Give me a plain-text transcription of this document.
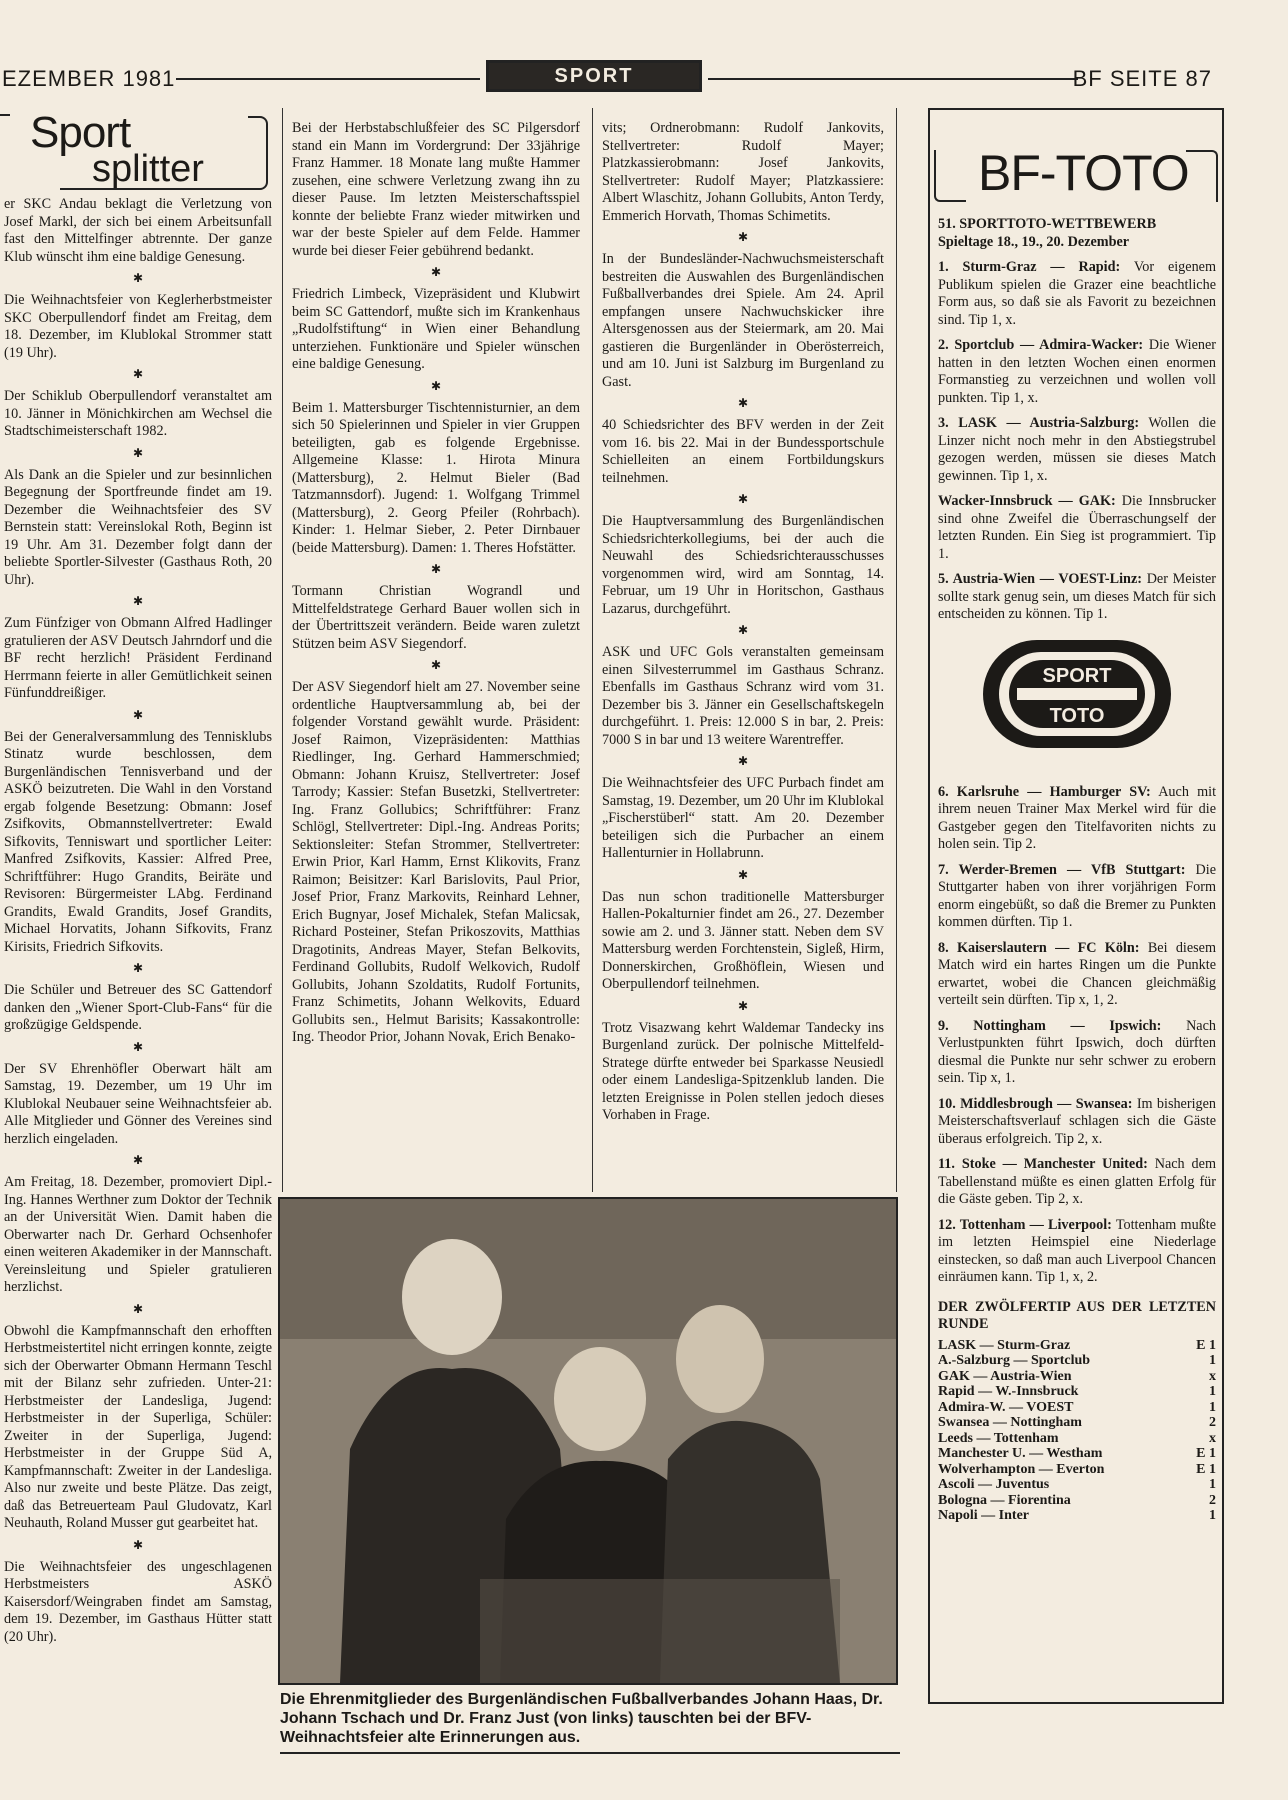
EZEMBER 1981	SPORT	BF SEITE 87
Sport
splitter

er SKC Andau beklagt die Verletzung von Josef Markl, der sich bei einem Arbeitsunfall fast den Mittelfinger abtrennte. Der ganze Klub wünscht ihm eine baldige Genesung.

✱

Die Weihnachtsfeier von Keglerherbstmeister SKC Oberpullendorf findet am Freitag, dem 18. Dezember, im Klublokal Strommer statt (19 Uhr).

✱

Der Schiklub Oberpullendorf veranstaltet am 10. Jänner in Mönichkirchen am Wechsel die Stadtschimeisterschaft 1982.

✱

Als Dank an die Spieler und zur besinnlichen Begegnung der Sportfreunde findet am 19. Dezember die Weihnachtsfeier des SV Bernstein statt: Vereinslokal Roth, Beginn ist 19 Uhr. Am 31. Dezember folgt dann der beliebte Sportler-Silvester (Gasthaus Roth, 20 Uhr).

✱

Zum Fünfziger von Obmann Alfred Hadlinger gratulieren der ASV Deutsch Jahrndorf und die BF recht herzlich! Präsident Ferdinand Herrmann feierte in aller Gemütlichkeit seinen Fünfunddreißiger.

✱

Bei der Generalversammlung des Tennisklubs Stinatz wurde beschlossen, dem Burgenländischen Tennisverband und der ASKÖ beizutreten. Die Wahl in den Vorstand ergab folgende Besetzung: Obmann: Josef Zsifkovits, Obmannstellvertreter: Ewald Sifkovits, Tenniswart und sportlicher Leiter: Manfred Zsifkovits, Kassier: Alfred Pree, Schriftführer: Hugo Grandits, Beiräte und Revisoren: Bürgermeister LAbg. Ferdinand Grandits, Ewald Grandits, Josef Grandits, Michael Horvatits, Johann Sifkovits, Franz Kirisits, Friedrich Sifkovits.

✱

Die Schüler und Betreuer des SC Gattendorf danken den „Wiener Sport-Club-Fans“ für die großzügige Geldspende.

✱

Der SV Ehrenhöfler Oberwart hält am Samstag, 19. Dezember, um 19 Uhr im Klublokal Neubauer seine Weihnachtsfeier ab. Alle Mitglieder und Gönner des Vereines sind herzlich eingeladen.

✱

Am Freitag, 18. Dezember, promoviert Dipl.-Ing. Hannes Werthner zum Doktor der Technik an der Universität Wien. Damit haben die Oberwarter nach Dr. Gerhard Ochsenhofer einen weiteren Akademiker in der Mannschaft. Vereinsleitung und Spieler gratulieren herzlichst.

✱

Obwohl die Kampfmannschaft den erhofften Herbstmeistertitel nicht erringen konnte, zeigte sich der Oberwarter Obmann Hermann Teschl mit der Bilanz sehr zufrieden. Unter-21: Herbstmeister der Landesliga, Jugend: Herbstmeister in der Superliga, Schüler: Zweiter in der Superliga, Jugend: Herbstmeister in der Gruppe Süd A, Kampfmannschaft: Zweiter in der Landesliga. Also nur zweite und beste Plätze. Das zeigt, daß das Betreuerteam Paul Gludovatz, Karl Neuhauth, Roland Musser gut gearbeitet hat.

✱

Die Weihnachtsfeier des ungeschlagenen Herbstmeisters ASKÖ Kaisersdorf/Weingraben findet am Samstag, dem 19. Dezember, im Gasthaus Hütter statt (20 Uhr).

Bei der Herbstabschlußfeier des SC Pilgersdorf stand ein Mann im Vordergrund: Der 33jährige Franz Hammer. 18 Monate lang mußte Hammer zusehen, eine schwere Verletzung zwang ihn zu dieser Pause. Im letzten Meisterschaftsspiel konnte der beliebte Franz wieder mitwirken und war der beste Spieler auf dem Felde. Hammer wurde bei dieser Feier gebührend bedankt.

✱

Friedrich Limbeck, Vizepräsident und Klubwirt beim SC Gattendorf, mußte sich im Krankenhaus „Rudolfstiftung“ in Wien einer Behandlung unterziehen. Funktionäre und Spieler wünschen eine baldige Genesung.

✱

Beim 1. Mattersburger Tischtennisturnier, an dem sich 50 Spielerinnen und Spieler in vier Gruppen beteiligten, gab es folgende Ergebnisse. Allgemeine Klasse: 1. Hirota Minura (Mattersburg), 2. Helmut Bieler (Bad Tatzmannsdorf). Jugend: 1. Wolfgang Trimmel (Mattersburg), 2. Georg Pfeiler (Rohrbach). Kinder: 1. Helmar Sieber, 2. Peter Dirnbauer (beide Mattersburg). Damen: 1. Theres Hofstätter.

✱

Tormann Christian Wograndl und Mittelfeldstratege Gerhard Bauer wollen sich in der Übertrittszeit verändern. Beide waren zuletzt Stützen beim ASV Siegendorf.

✱

Der ASV Siegendorf hielt am 27. November seine ordentliche Hauptversammlung ab, bei der folgender Vorstand gewählt wurde. Präsident: Josef Raimon, Vizepräsidenten: Matthias Riedlinger, Ing. Gerhard Hammerschmied; Obmann: Johann Kruisz, Stellvertreter: Josef Tarrody; Kassier: Stefan Busetzki, Stellvertreter: Ing. Franz Gollubics; Schriftführer: Franz Schlögl, Stellvertreter: Dipl.-Ing. Andreas Porits; Sektionsleiter: Stefan Strommer, Stellvertreter: Erwin Prior, Karl Hamm, Ernst Klikovits, Franz Raimon; Beisitzer: Karl Barislovits, Paul Prior, Josef Prior, Franz Markovits, Reinhard Lehner, Erich Bugnyar, Josef Michalek, Stefan Malicsak, Richard Posteiner, Stefan Prikoszovits, Matthias Dragotinits, Andreas Mayer, Stefan Belkovits, Ferdinand Gollubits, Rudolf Welkovich, Rudolf Gollubits, Johann Szoldatits, Rudolf Fortunits, Franz Schimetits, Johann Welkovits, Eduard Gollubits sen., Helmut Barisits; Kassakontrolle: Ing. Theodor Prior, Johann Novak, Erich Benako-

vits; Ordnerobmann: Rudolf Jankovits, Stellvertreter: Rudolf Mayer; Platzkassierobmann: Josef Jankovits, Stellvertreter: Rudolf Mayer; Platzkassiere: Albert Wlaschitz, Johann Gollubits, Anton Terdy, Emmerich Horvath, Thomas Schimetits.

✱

In der Bundesländer-Nachwuchsmeisterschaft bestreiten die Auswahlen des Burgenländischen Fußballverbandes drei Spiele. Am 24. April empfangen unsere Nachwuchskicker ihre Altersgenossen aus der Steiermark, am 20. Mai gastieren die Burgenländer in Oberösterreich, und am 10. Juni ist Salzburg im Burgenland zu Gast.

✱

40 Schiedsrichter des BFV werden in der Zeit vom 16. bis 22. Mai in der Bundessportschule Schielleiten an einem Fortbildungskurs teilnehmen.

✱

Die Hauptversammlung des Burgenländischen Schiedsrichterkollegiums, bei der auch die Neuwahl des Schiedsrichterausschusses vorgenommen wird, wird am Sonntag, 14. Februar, um 19 Uhr in Horitschon, Gasthaus Lazarus, durchgeführt.

✱

ASK und UFC Gols veranstalten gemeinsam einen Silvesterrummel im Gasthaus Schranz. Ebenfalls im Gasthaus Schranz wird vom 31. Dezember bis 3. Jänner ein Gesellschaftskegeln durchgeführt. 1. Preis: 12.000 S in bar, 2. Preis: 7000 S in bar und 13 weitere Warentreffer.

✱

Die Weihnachtsfeier des UFC Purbach findet am Samstag, 19. Dezember, um 20 Uhr im Klublokal „Fischerstüberl“ statt. Am 20. Dezember beteiligen sich die Purbacher an einem Hallenturnier in Hollabrunn.

✱

Das nun schon traditionelle Mattersburger Hallen-Pokalturnier findet am 26., 27. Dezember sowie am 2. und 3. Jänner statt. Neben dem SV Mattersburg werden Forchtenstein, Sigleß, Hirm, Donnerskirchen, Großhöflein, Wiesen und Oberpullendorf teilnehmen.

✱

Trotz Visazwang kehrt Waldemar Tandecky ins Burgenland zurück. Der polnische Mittelfeld-Stratege dürfte entweder bei Sparkasse Neusiedl oder einem Landesliga-Spitzenklub landen. Die letzten Ereignisse in Polen stellen jedoch dieses Vorhaben in Frage.

BF-TOTO
51. SPORTTOTO-WETTBEWERB
Spieltage 18., 19., 20. Dezember

1. Sturm-Graz — Rapid: Vor eigenem Publikum spielen die Grazer eine beachtliche Form aus, so daß sie als Favorit zu bezeichnen sind. Tip 1, x.

2. Sportclub — Admira-Wacker: Die Wiener hatten in den letzten Wochen einen enormen Formanstieg zu verzeichnen und wollen voll punkten. Tip 1, x.

3. LASK — Austria-Salzburg: Wollen die Linzer nicht noch mehr in den Abstiegstrubel gezogen werden, müssen sie dieses Match gewinnen. Tip 1, x.

Wacker-Innsbruck — GAK: Die Innsbrucker sind ohne Zweifel die Überraschungself der letzten Runden. Ein Sieg ist programmiert. Tip 1.

5. Austria-Wien — VOEST-Linz: Der Meister sollte stark genug sein, um dieses Match für sich entscheiden zu können. Tip 1.

SPORT
TOTO

6. Karlsruhe — Hamburger SV: Auch mit ihrem neuen Trainer Max Merkel wird für die Gastgeber gegen den Titelfavoriten nichts zu holen sein. Tip 2.

7. Werder-Bremen — VfB Stuttgart: Die Stuttgarter haben von ihrer vorjährigen Form enorm eingebüßt, so daß die Bremer zu Punkten kommen dürften. Tip 1.

8. Kaiserslautern — FC Köln: Bei diesem Match wird ein hartes Ringen um die Punkte erwartet, wobei die Chancen gleichmäßig verteilt sein dürften. Tip x, 1, 2.

9. Nottingham — Ipswich: Nach Verlustpunkten führt Ipswich, doch dürften diesmal die Punkte nur sehr schwer zu erobern sein. Tip x, 1.

10. Middlesbrough — Swansea: Im bisherigen Meisterschaftsverlauf schlagen sich die Gäste überaus erfolgreich. Tip 2, x.

11. Stoke — Manchester United: Nach dem Tabellenstand müßte es einen glatten Erfolg für die Gäste geben. Tip 2, x.

12. Tottenham — Liverpool: Tottenham mußte im letzten Heimspiel eine Niederlage einstecken, so daß man auch Liverpool Chancen einräumen kann. Tip 1, x, 2.

DER ZWÖLFERTIP AUS DER LETZTEN RUNDE
LASK — Sturm-Graz	E 1
A.-Salzburg — Sportclub	1
GAK — Austria-Wien	x
Rapid — W.-Innsbruck	1
Admira-W. — VOEST	1
Swansea — Nottingham	2
Leeds — Tottenham	x
Manchester U. — Westham	E 1
Wolverhampton — Everton	E 1
Ascoli — Juventus	1
Bologna — Fiorentina	2
Napoli — Inter	1
Die Ehrenmitglieder des Burgenländischen Fußballverbandes Johann Haas, Dr. Johann Tschach und Dr. Franz Just (von links) tauschten bei der BFV-Weihnachtsfeier alte Erinnerungen aus.
